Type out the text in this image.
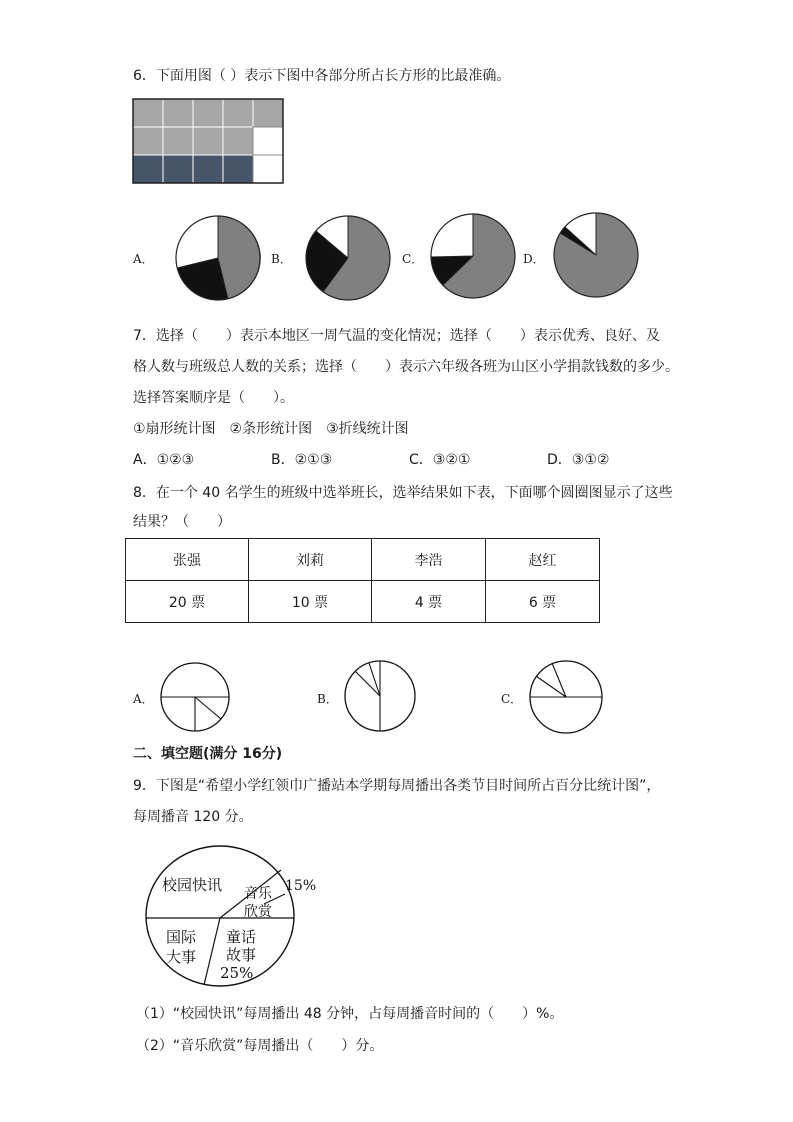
6．下面用图（ ）表示下图中各部分所占长方形的比最准确。
A．	B．	C．	D．
7．选择（　　）表示本地区一周气温的变化情况；选择（　　）表示优秀、良好、及
格人数与班级总人数的关系；选择（　　）表示六年级各班为山区小学捐款钱数的多少。
选择答案顺序是（　　）。
①扇形统计图　②条形统计图　③折线统计图
A．①②③	B．②①③	C．③②①	D．③①②
8．在一个 40 名学生的班级中选举班长，选举结果如下表，下面哪个圆圈图显示了这些
结果？（　　）
张强	刘莉	李浩	赵红
20 票	10 票	4 票	6 票
A．	B．	C．
二、填空题(满分 16分)
9．下图是“希望小学红领巾广播站本学期每周播出各类节目时间所占百分比统计图”，
每周播音 120 分。
校园快讯 音乐
欣赏
15%
国际
大事
童话
故事
25%
（1）“校园快讯”每周播出 48 分钟，占每周播音时间的（　　）%。
（2）“音乐欣赏”每周播出（　　）分。
